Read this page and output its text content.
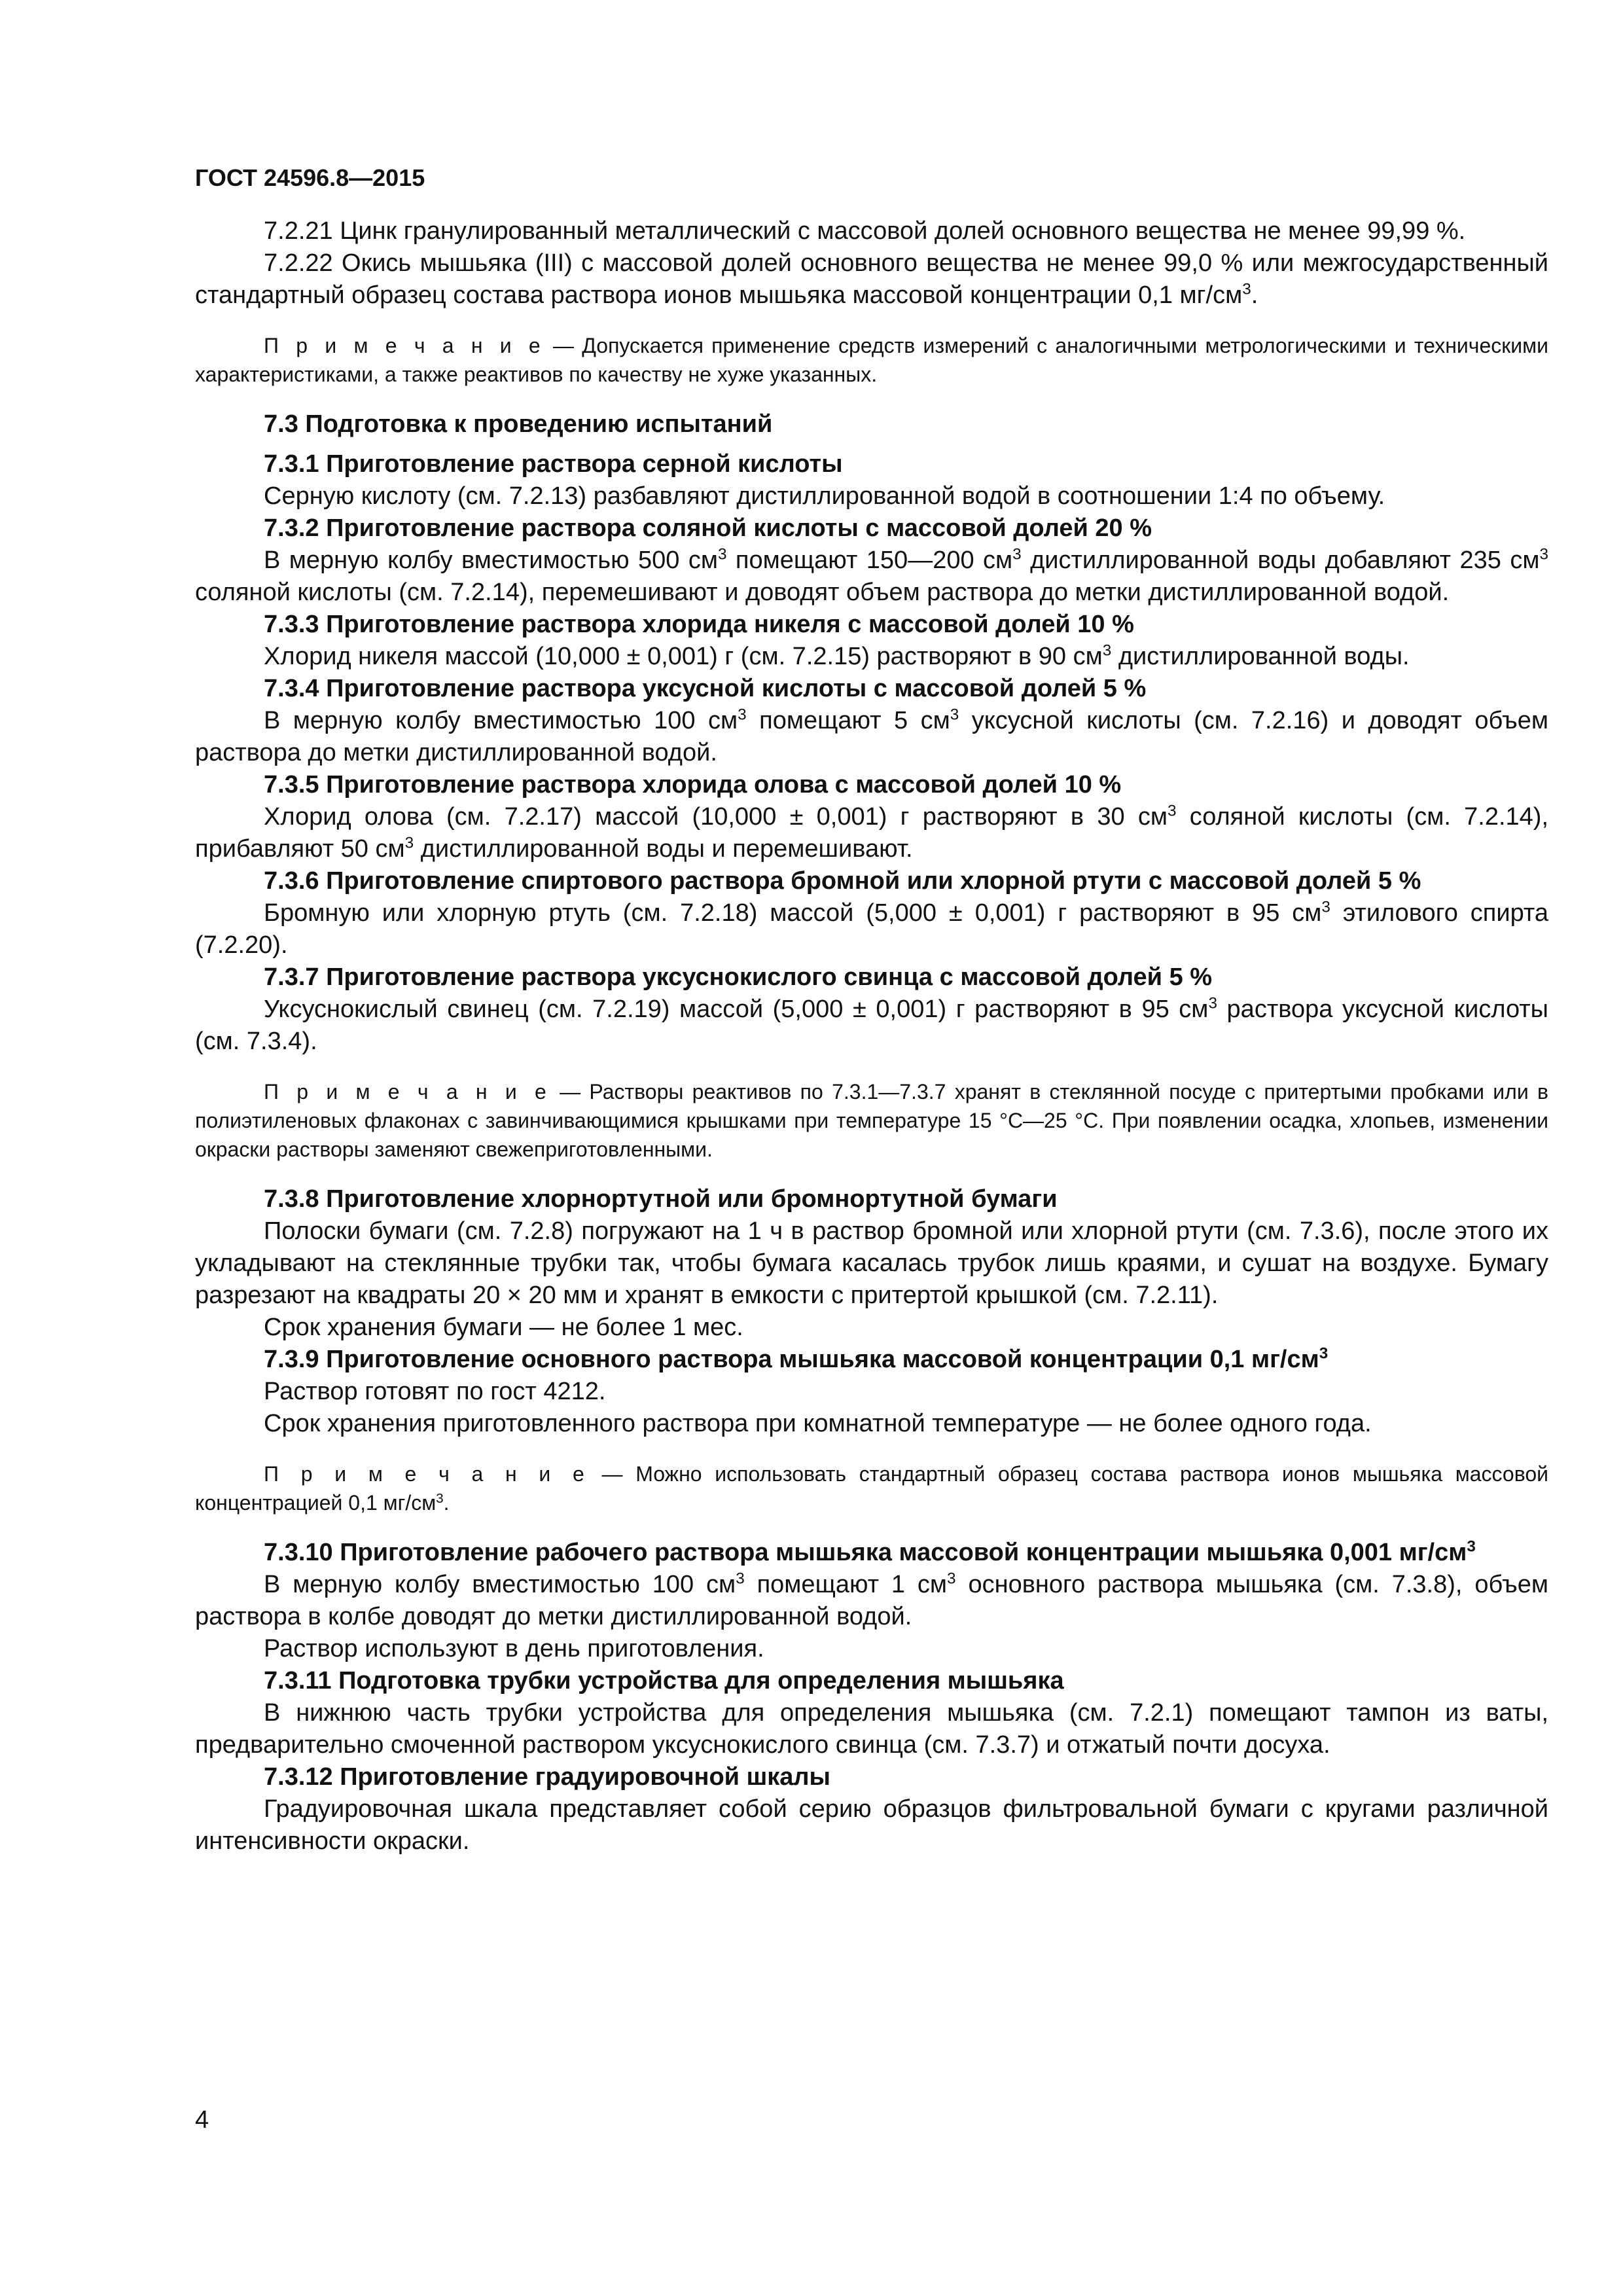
ГОСТ 24596.8—2015

7.2.21 Цинк гранулированный металлический с массовой долей основного вещества не менее 99,99 %.

7.2.22 Окись мышьяка (III) с массовой долей основного вещества не менее 99,0 % или межгосударственный стандартный образец состава раствора ионов мышьяка массовой концентрации 0,1 $мг/см^3$.

П р и м е ч а н и е — Допускается применение средств измерений с аналогичными метрологическими и техническими характеристиками, а также реактивов по качеству не хуже указанных.

7.3 Подготовка к проведению испытаний

7.3.1 Приготовление раствора серной кислоты

Серную кислоту (см. 7.2.13) разбавляют дистиллированной водой в соотношении 1:4 по объему.

7.3.2 Приготовление раствора соляной кислоты с массовой долей 20 %

В мерную колбу вместимостью 500 $см^3$ помещают 150—200 $см^3$ дистиллированной воды добавляют 235 $см^3$ соляной кислоты (см. 7.2.14), перемешивают и доводят объем раствора до метки дистиллированной водой.

7.3.3 Приготовление раствора хлорида никеля с массовой долей 10 %

Хлорид никеля массой (10,000 ± 0,001) г (см. 7.2.15) растворяют в 90 $см^3$ дистиллированной воды.

7.3.4 Приготовление раствора уксусной кислоты с массовой долей 5 %

В мерную колбу вместимостью 100 $см^3$ помещают 5 $см^3$ уксусной кислоты (см. 7.2.16) и доводят объем раствора до метки дистиллированной водой.

7.3.5 Приготовление раствора хлорида олова с массовой долей 10 %

Хлорид олова (см. 7.2.17) массой (10,000 ± 0,001) г растворяют в 30 $см^3$ соляной кислоты (см. 7.2.14), прибавляют 50 $см^3$ дистиллированной воды и перемешивают.

7.3.6 Приготовление спиртового раствора бромной или хлорной ртути с массовой долей 5 %

Бромную или хлорную ртуть (см. 7.2.18) массой (5,000 ± 0,001) г растворяют в 95 $см^3$ этилового спирта (7.2.20).

7.3.7 Приготовление раствора уксуснокислого свинца с массовой долей 5 %

Уксуснокислый свинец (см. 7.2.19) массой (5,000 ± 0,001) г растворяют в 95 $см^3$ раствора уксусной кислоты (см. 7.3.4).

П р и м е ч а н и е — Растворы реактивов по 7.3.1—7.3.7 хранят в стеклянной посуде с притертыми пробками или в полиэтиленовых флаконах с завинчивающимися крышками при температуре 15 °С—25 °С. При появлении осадка, хлопьев, изменении окраски растворы заменяют свежеприготовленными.

7.3.8 Приготовление хлорнортутной или бромнортутной бумаги

Полоски бумаги (см. 7.2.8) погружают на 1 ч в раствор бромной или хлорной ртути (см. 7.3.6), после этого их укладывают на стеклянные трубки так, чтобы бумага касалась трубок лишь краями, и сушат на воздухе. Бумагу разрезают на квадраты 20 × 20 мм и хранят в емкости с притертой крышкой (см. 7.2.11).

Срок хранения бумаги — не более 1 мес.

7.3.9 Приготовление основного раствора мышьяка массовой концентрации 0,1 $мг/см^3$

Раствор готовят по гост 4212.

Срок хранения приготовленного раствора при комнатной температуре — не более одного года.

П р и м е ч а н и е — Можно использовать стандартный образец состава раствора ионов мышьяка массовой концентрацией 0,1 $мг/см^3$.

7.3.10 Приготовление рабочего раствора мышьяка массовой концентрации мышьяка 0,001 $мг/см^3$

В мерную колбу вместимостью 100 $см^3$ помещают 1 $см^3$ основного раствора мышьяка (см. 7.3.8), объем раствора в колбе доводят до метки дистиллированной водой.

Раствор используют в день приготовления.

7.3.11 Подготовка трубки устройства для определения мышьяка

В нижнюю часть трубки устройства для определения мышьяка (см. 7.2.1) помещают тампон из ваты, предварительно смоченной раствором уксуснокислого свинца (см. 7.3.7) и отжатый почти досуха.

7.3.12 Приготовление градуировочной шкалы

Градуировочная шкала представляет собой серию образцов фильтровальной бумаги с кругами различной интенсивности окраски.

4
